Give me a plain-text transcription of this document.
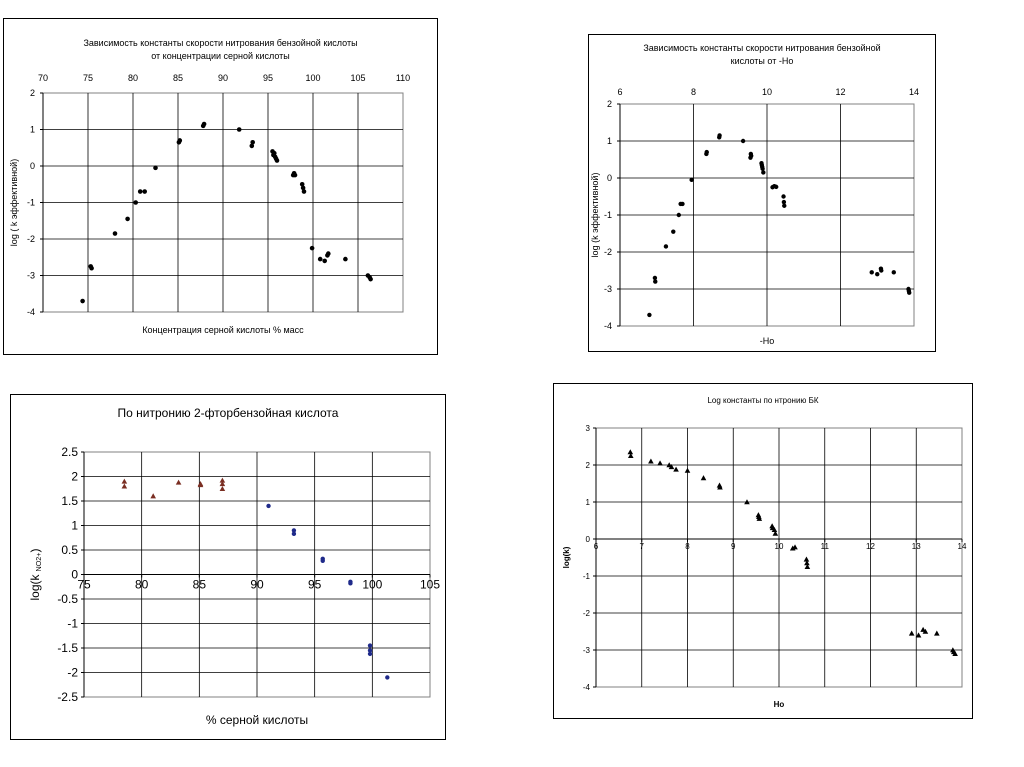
Зависимость константы скорости нитрования бензойной кислоты
от концентрации серной кислоты
2
1
0
-1
-2
-3
-4
70	75	80	85	90	95	100	105	110
Концентрация серной кислоты % масс
log ( k эффективной)
Зависимость константы скорости нитрования бензойной
кислоты от -Ho
2
1
0
-1
-2
-3
-4
6	8	10	12	14
-Ho
log (k эффективной)
По нитронию 2-фторбензойная кислота
2.5
2
1.5
1
0.5
0
-0.5
-1
-1.5
-2
-2.5
75	80	85	90	95	100	105
% серной кислоты
log(kNO2+)
Log константы по нтронию БК
3
2
1
0
-1
-2
-3
-4
6	7	8	9	10	11	12	13	14
Ho
log(k)
